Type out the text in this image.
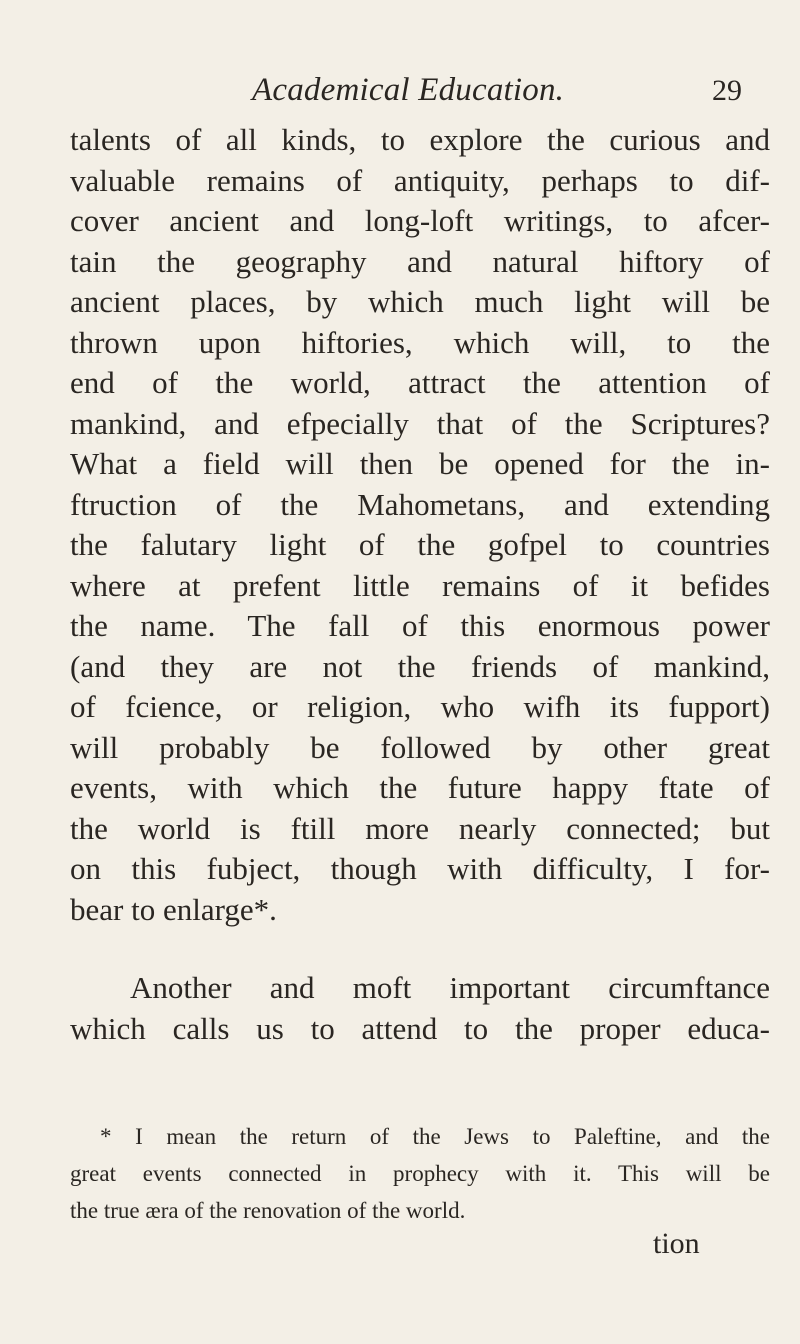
Academical Education.	29
talents of all kinds, to explore the curious and
valuable remains of antiquity, perhaps to dif-
cover ancient and long-loft writings, to afcer-
tain the geography and natural hiftory of
ancient places, by which much light will be
thrown upon hiftories, which will, to the
end of the world, attract the attention of
mankind, and efpecially that of the Scriptures?
What a field will then be opened for the in-
ftruction of the Mahometans, and extending
the falutary light of the gofpel to countries
where at prefent little remains of it befides
the name. The fall of this enormous power
(and they are not the friends of mankind,
of fcience, or religion, who wifh its fupport)
will probably be followed by other great
events, with which the future happy ftate of
the world is ftill more nearly connected; but
on this fubject, though with difficulty, I for-
bear to enlarge*.
Another and moft important circumftance
which calls us to attend to the proper educa-
* I mean the return of the Jews to Paleftine, and the
great events connected in prophecy with it. This will be
the true æra of the renovation of the world.
tion
